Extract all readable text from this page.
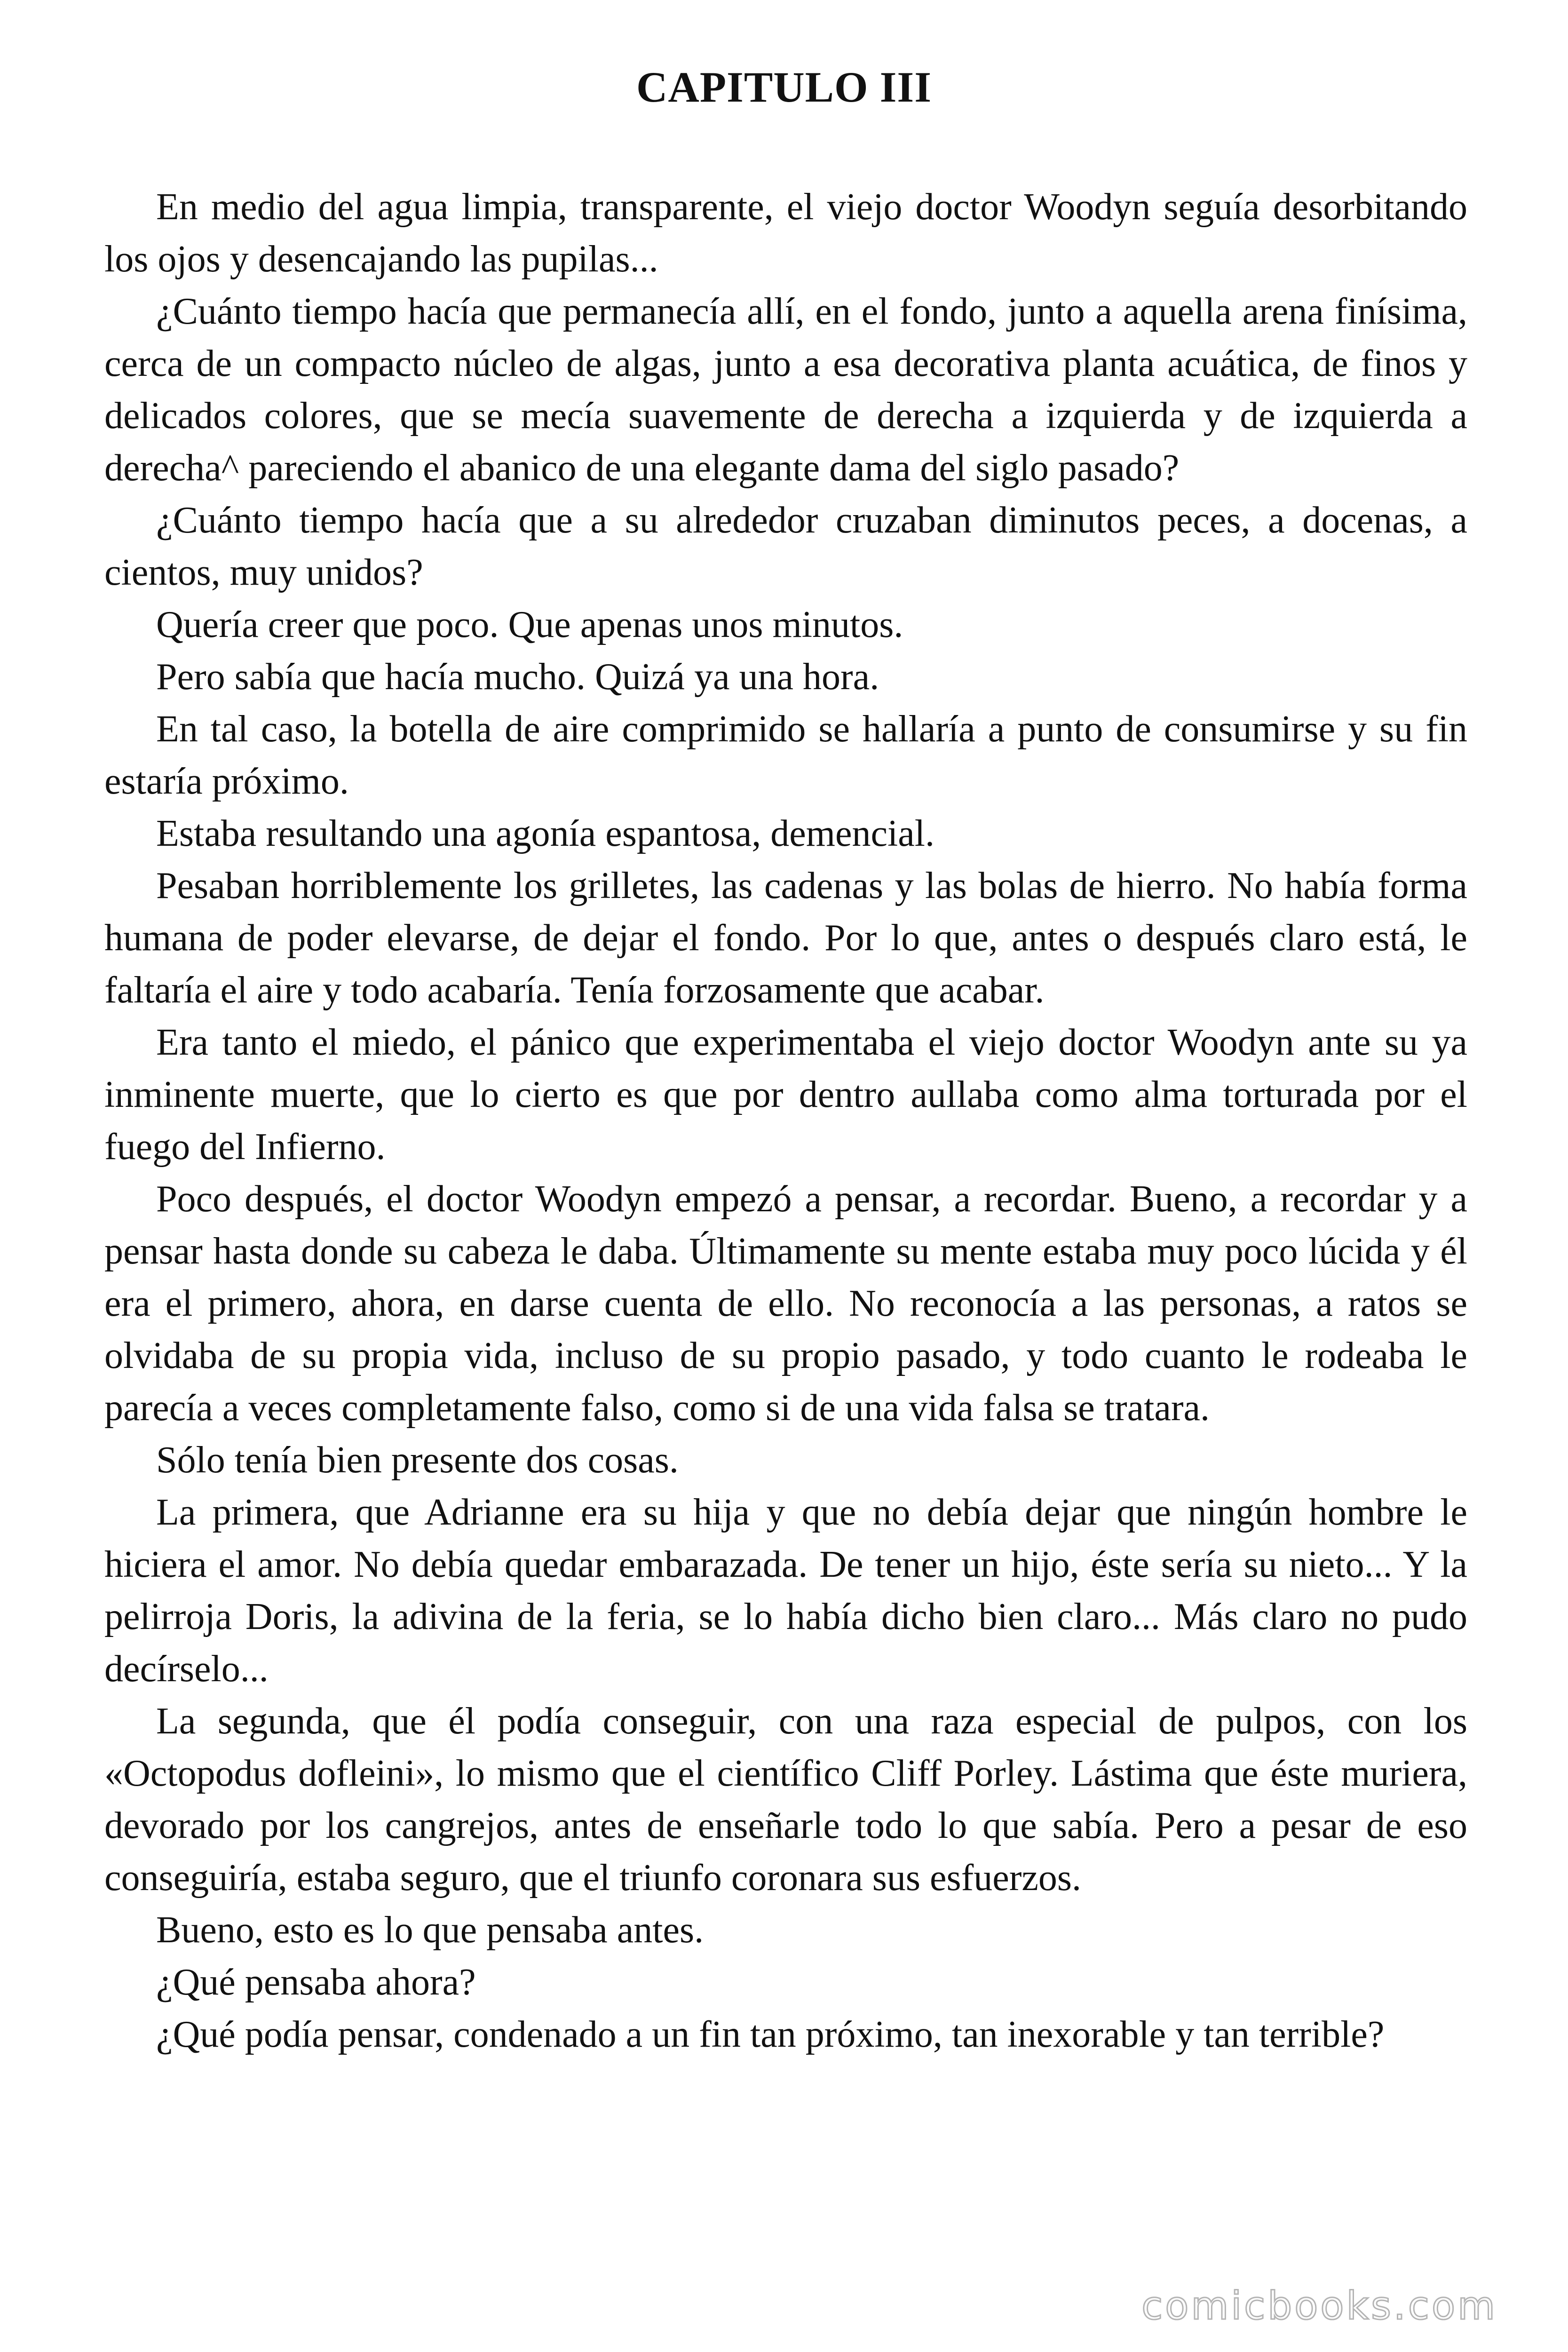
CAPITULO III

En medio del agua limpia, transparente, el viejo doctor Woodyn seguía desorbitando los ojos y desencajando las pupilas...

¿Cuánto tiempo hacía que permanecía allí, en el fondo, junto a aquella arena finísima, cerca de un compacto núcleo de algas, junto a esa decorativa planta acuática, de finos y delicados colores, que se mecía suavemente de derecha a izquierda y de izquierda a derecha^ pareciendo el abanico de una elegante dama del siglo pasado?

¿Cuánto tiempo hacía que a su alrededor cruzaban diminutos peces, a docenas, a cientos, muy unidos?

Quería creer que poco. Que apenas unos minutos.

Pero sabía que hacía mucho. Quizá ya una hora.

En tal caso, la botella de aire comprimido se hallaría a punto de consumirse y su fin estaría próximo.

Estaba resultando una agonía espantosa, demencial.

Pesaban horriblemente los grilletes, las cadenas y las bolas de hierro. No había forma humana de poder elevarse, de dejar el fondo. Por lo que, antes o después claro está, le faltaría el aire y todo acabaría. Tenía forzosamente que acabar.

Era tanto el miedo, el pánico que experimentaba el viejo doctor Woodyn ante su ya inminente muerte, que lo cierto es que por dentro aullaba como alma torturada por el fuego del Infierno.

Poco después, el doctor Woodyn empezó a pensar, a recordar. Bueno, a recordar y a pensar hasta donde su cabeza le daba. Últimamente su mente estaba muy poco lúcida y él era el primero, ahora, en darse cuenta de ello. No reconocía a las personas, a ratos se olvidaba de su propia vida, incluso de su propio pasado, y todo cuanto le rodeaba le parecía a veces completamente falso, como si de una vida falsa se tratara.

Sólo tenía bien presente dos cosas.

La primera, que Adrianne era su hija y que no debía dejar que ningún hombre le hiciera el amor. No debía quedar embarazada. De tener un hijo, éste sería su nieto... Y la pelirroja Doris, la adivina de la feria, se lo había dicho bien claro... Más claro no pudo decírselo...

La segunda, que él podía conseguir, con una raza especial de pulpos, con los «Octopodus dofleini», lo mismo que el científico Cliff Porley. Lástima que éste muriera, devorado por los cangrejos, antes de enseñarle todo lo que sabía. Pero a pesar de eso conseguiría, estaba seguro, que el triunfo coronara sus esfuerzos.

Bueno, esto es lo que pensaba antes.

¿Qué pensaba ahora?

¿Qué podía pensar, condenado a un fin tan próximo, tan inexorable y tan terrible?

comicbooks.com
